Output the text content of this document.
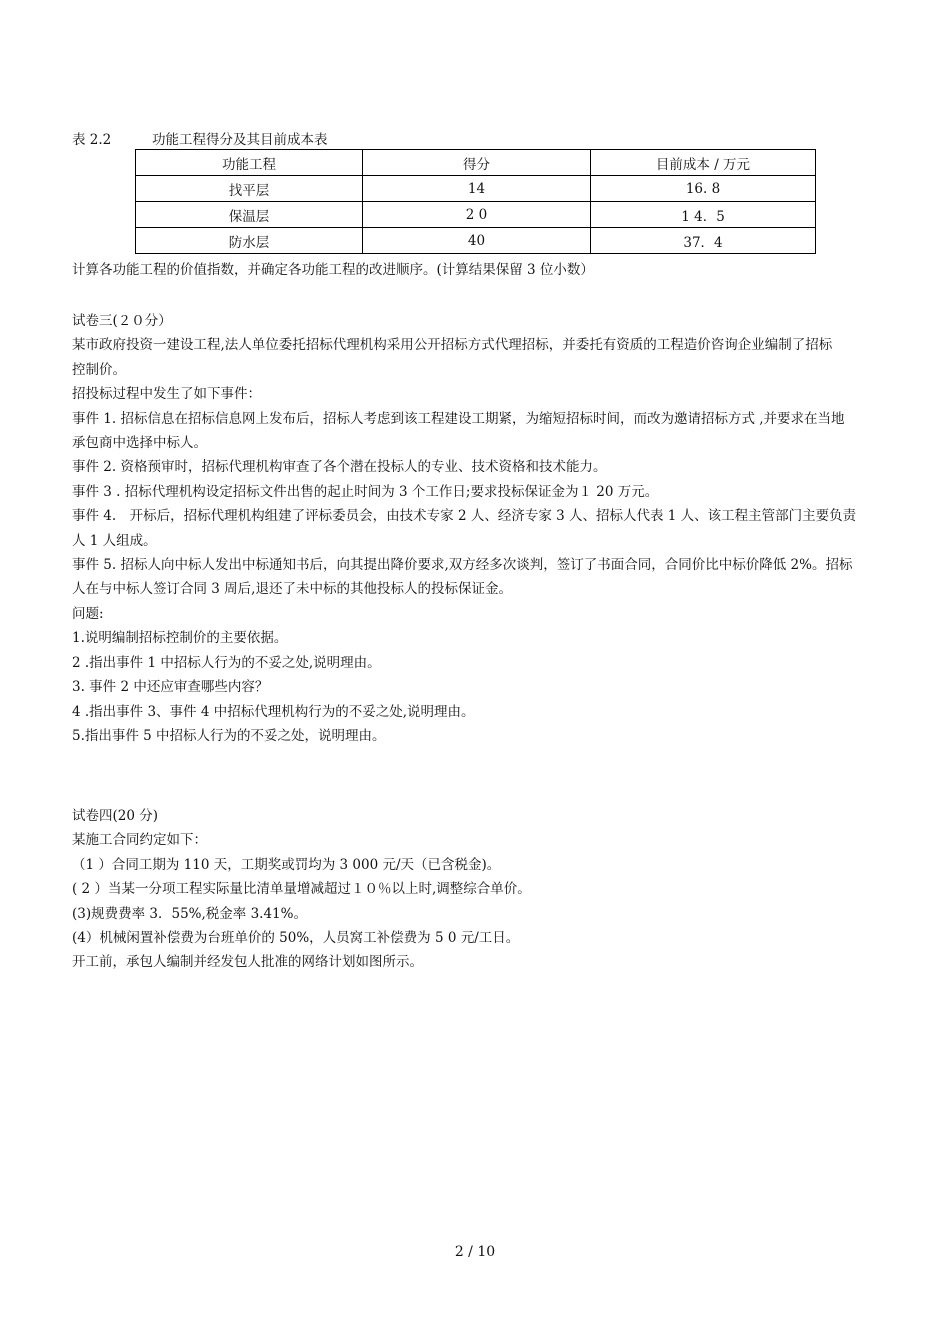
表 2.2	功能工程得分及其目前成本表
功能工程	得分	目前成本 / 万元
找平层	14	16. 8
保温层	2 0	1 4．5
防水层	40	37．4

计算各功能工程的价值指数，并确定各功能工程的改进顺序。(计算结果保留 3 位小数）

试卷三(２０分）

某市政府投资一建设工程,法人单位委托招标代理机构采用公开招标方式代理招标，并委托有资质的工程造价咨询企业编制了招标

控制价。

招投标过程中发生了如下事件：

事件 1. 招标信息在招标信息网上发布后，招标人考虑到该工程建设工期紧，为缩短招标时间，而改为邀请招标方式 ,并要求在当地

承包商中选择中标人。

事件 2. 资格预审时，招标代理机构审查了各个潜在投标人的专业、技术资格和技术能力。

事件 3 . 招标代理机构设定招标文件出售的起止时间为 3 个工作日;要求投标保证金为１ 20 万元。

事件 4.　开标后，招标代理机构组建了评标委员会，由技术专家 2 人、经济专家 3 人、招标人代表 1 人、该工程主管部门主要负责

人 1 人组成。

事件 5. 招标人向中标人发出中标通知书后，向其提出降价要求,双方经多次谈判，签订了书面合同，合同价比中标价降低 2%。招标

人在与中标人签订合同 3 周后,退还了未中标的其他投标人的投标保证金。

问题:

1.说明编制招标控制价的主要依据。

2 .指出事件 1 中招标人行为的不妥之处,说明理由。

3. 事件 2 中还应审查哪些内容？

4 .指出事件 3、事件 4 中招标代理机构行为的不妥之处,说明理由。

5.指出事件 5 中招标人行为的不妥之处，说明理由。

试卷四(20 分)

某施工合同约定如下：

（1 ）合同工期为 110 天，工期奖或罚均为 3 000 元/天（已含税金)。

( 2 ）当某一分项工程实际量比清单量增减超过１０％以上时,调整综合单价。

(3)规费费率 3．55%,税金率 3.41%。

(4）机械闲置补偿费为台班单价的 50%，人员窝工补偿费为 5 0 元/工日。

开工前，承包人编制并经发包人批准的网络计划如图所示。

2 / 10
